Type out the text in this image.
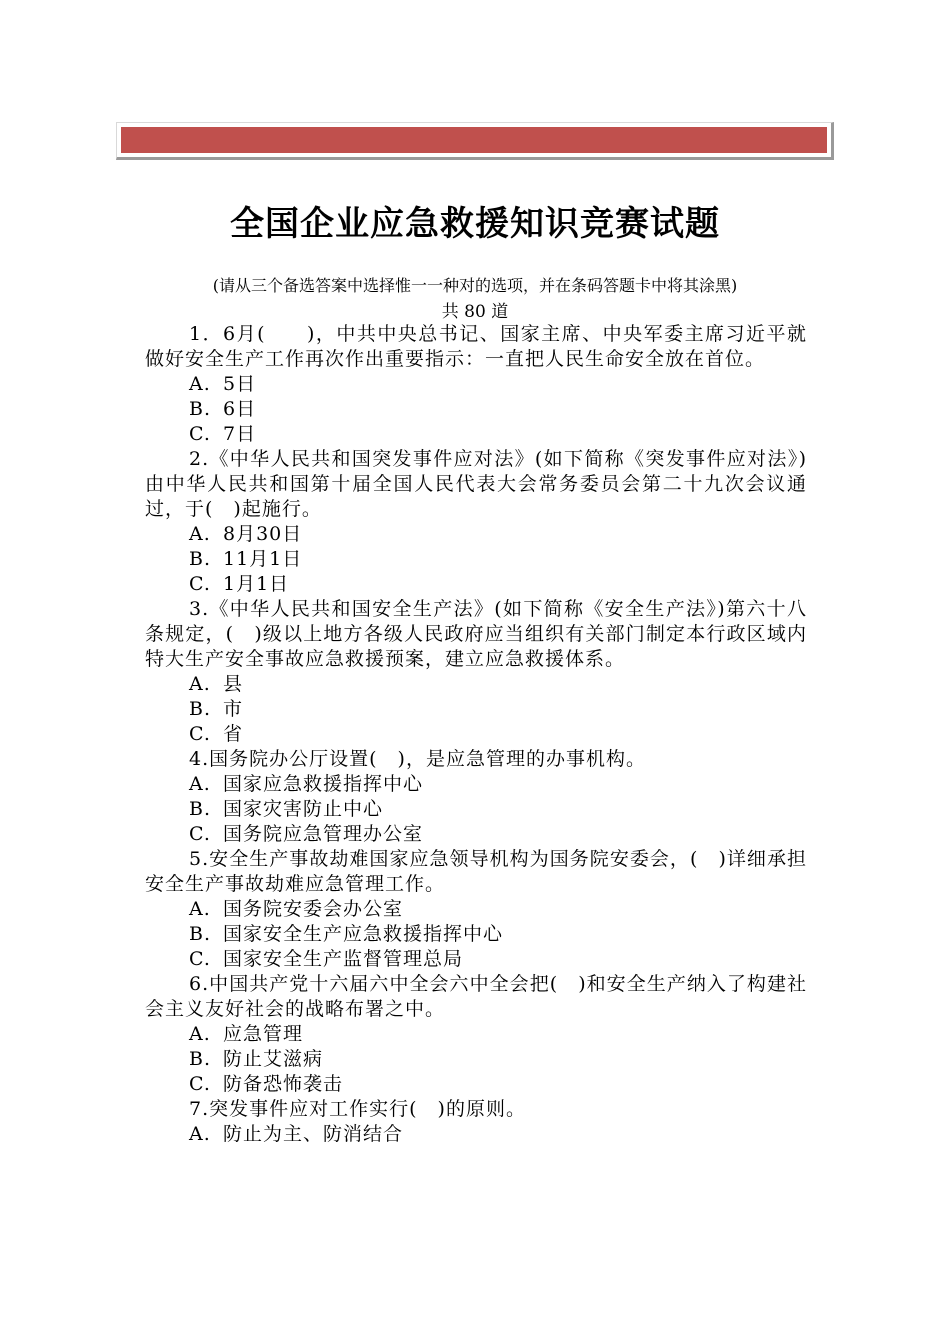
全国企业应急救援知识竞赛试题
(请从三个备选答案中选择惟一一种对的选项，并在条码答题卡中将其涂黑)
共 80 道

1．6月(　　)，中共中央总书记、国家主席、中央军委主席习近平就做好安全生产工作再次作出重要指示：一直把人民生命安全放在首位。

A. 5日
B. 6日
C. 7日

2.《中华人民共和国突发事件应对法》(如下简称《突发事件应对法》)由中华人民共和国第十届全国人民代表大会常务委员会第二十九次会议通过，于(　)起施行。

A. 8月30日
B. 11月1日
C. 1月1日

3.《中华人民共和国安全生产法》(如下简称《安全生产法》)第六十八条规定，(　)级以上地方各级人民政府应当组织有关部门制定本行政区域内特大生产安全事故应急救援预案，建立应急救援体系。

A. 县
B. 市
C. 省

4.国务院办公厅设置(　)，是应急管理的办事机构。

A. 国家应急救援指挥中心
B. 国家灾害防止中心
C. 国务院应急管理办公室

5.安全生产事故劫难国家应急领导机构为国务院安委会，(　)详细承担安全生产事故劫难应急管理工作。

A. 国务院安委会办公室
B. 国家安全生产应急救援指挥中心
C. 国家安全生产监督管理总局

6.中国共产党十六届六中全会六中全会把(　)和安全生产纳入了构建社会主义友好社会的战略布署之中。

A. 应急管理
B. 防止艾滋病
C. 防备恐怖袭击

7.突发事件应对工作实行(　)的原则。

A. 防止为主、防消结合
